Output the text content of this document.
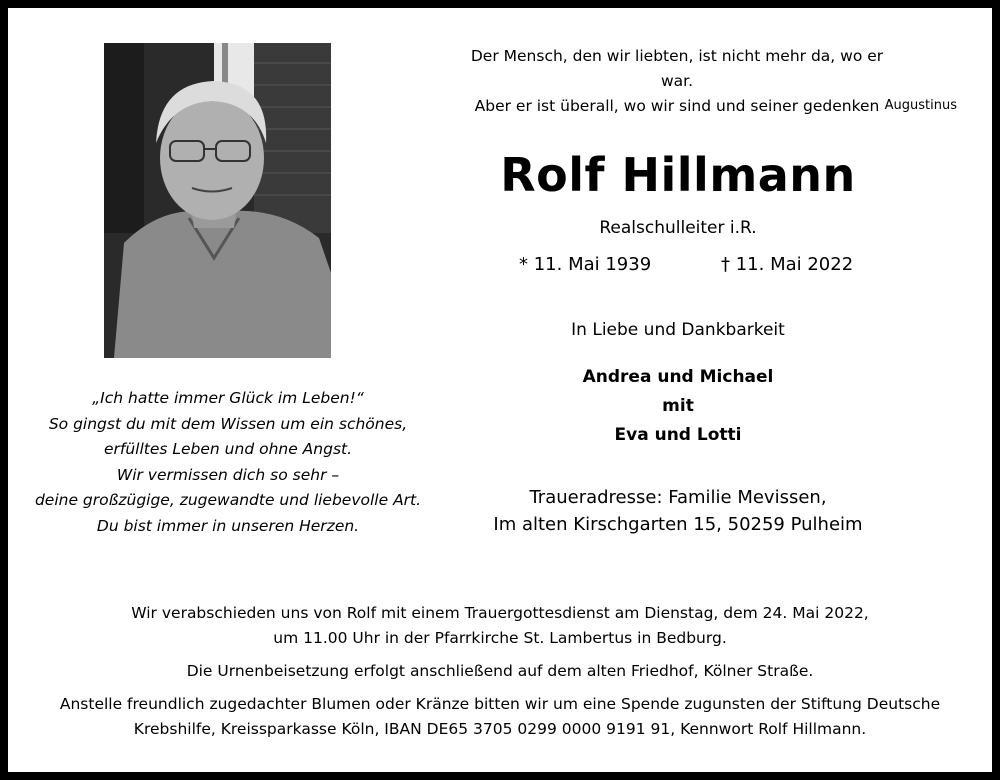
Der Mensch, den wir liebten, ist nicht mehr da, wo er war.
Aber er ist überall, wo wir sind und seiner gedenken Augustinus
Rolf Hillmann
Realschulleiter i.R.
* 11. Mai 1939	† 11. Mai 2022
In Liebe und Dankbarkeit
Andrea und Michael
mit
Eva und Lotti
„Ich hatte immer Glück im Leben!“
So gingst du mit dem Wissen um ein schönes,
erfülltes Leben und ohne Angst.
Wir vermissen dich so sehr –
deine großzügige, zugewandte und liebevolle Art.
Du bist immer in unseren Herzen.
Traueradresse: Familie Mevissen,
Im alten Kirschgarten 15, 50259 Pulheim
Wir verabschieden uns von Rolf mit einem Trauergottesdienst am Dienstag, dem 24. Mai 2022,
um 11.00 Uhr in der Pfarrkirche St. Lambertus in Bedburg.
Die Urnenbeisetzung erfolgt anschließend auf dem alten Friedhof, Kölner Straße.
Anstelle freundlich zugedachter Blumen oder Kränze bitten wir um eine Spende zugunsten der Stiftung Deutsche
Krebshilfe, Kreissparkasse Köln, IBAN DE65 3705 0299 0000 9191 91, Kennwort Rolf Hillmann.
